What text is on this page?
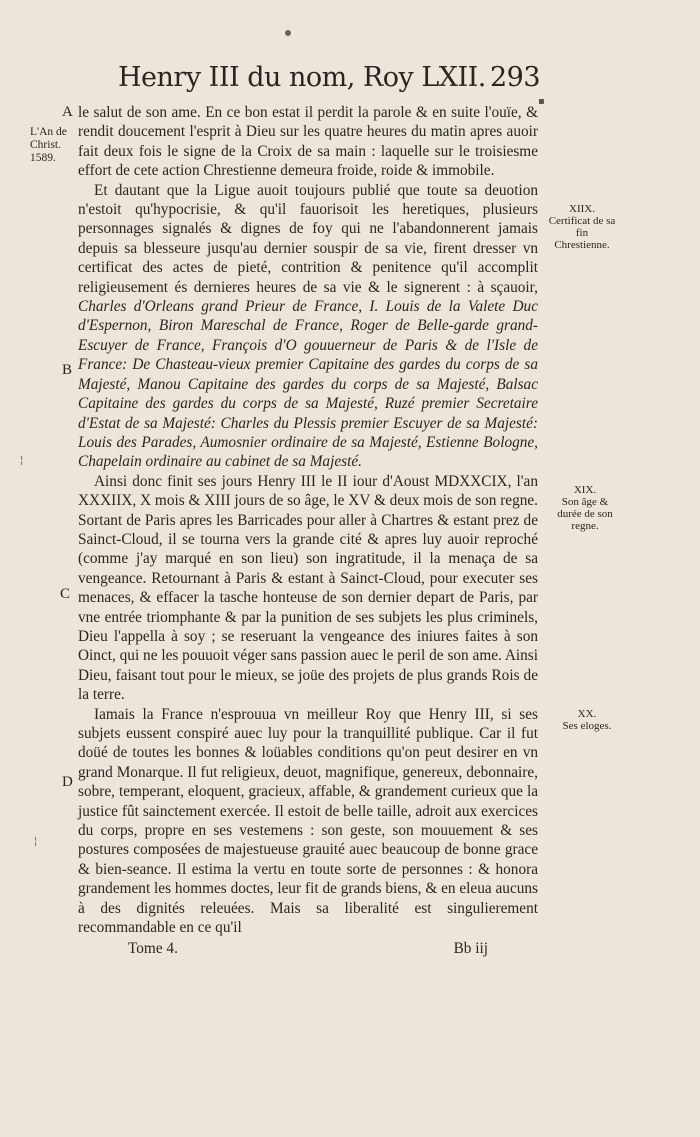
Henry III du nom, Roy LXII. 293
A
B
C
D
L'An de
Christ.
1589.
XIIX.
Certificat de sa fin Chrestienne.
XIX.
Son âge & durée de son regne.
XX.
Ses eloges.

le salut de son ame. En ce bon estat il perdit la parole & en suite l'ouïe, & rendit doucement l'esprit à Dieu sur les quatre heures du matin apres auoir fait deux fois le signe de la Croix de sa main : laquelle sur le troisiesme effort de cete action Chrestienne demeura froide, roide & immobile.

Et dautant que la Ligue auoit toujours publié que toute sa deuotion n'estoit qu'hypocrisie, & qu'il fauorisoit les heretiques, plusieurs personnages signalés & dignes de foy qui ne l'abandonnerent jamais depuis sa blesseure jusqu'au dernier souspir de sa vie, firent dresser vn certificat des actes de pieté, contrition & penitence qu'il accomplit religieusement és dernieres heures de sa vie & le signerent : à sçauoir, Charles d'Orleans grand Prieur de France, I. Louis de la Valete Duc d'Espernon, Biron Mareschal de France, Roger de Belle-garde grand-Escuyer de France, François d'O gouuerneur de Paris & de l'Isle de France: De Chasteau-vieux premier Capitaine des gardes du corps de sa Majesté, Manou Capitaine des gardes du corps de sa Majesté, Balsac Capitaine des gardes du corps de sa Majesté, Ruzé premier Secretaire d'Estat de sa Majesté: Charles du Plessis premier Escuyer de sa Majesté: Louis des Parades, Aumosnier ordinaire de sa Majesté, Estienne Bologne, Chapelain ordinaire au cabinet de sa Majesté.

Ainsi donc finit ses jours Henry III le II iour d'Aoust MDXXCIX, l'an XXXIIX, X mois & XIII jours de so âge, le XV & deux mois de son regne. Sortant de Paris apres les Barricades pour aller à Chartres & estant prez de Sainct-Cloud, il se tourna vers la grande cité & apres luy auoir reproché (comme j'ay marqué en son lieu) son ingratitude, il la menaça de sa vengeance. Retournant à Paris & estant à Sainct-Cloud, pour executer ses menaces, & effacer la tasche honteuse de son dernier depart de Paris, par vne entrée triomphante & par la punition de ses subjets les plus criminels, Dieu l'appella à soy ; se reseruant la vengeance des iniures faites à son Oinct, qui ne les pouuoit véger sans passion auec le peril de son ame. Ainsi Dieu, faisant tout pour le mieux, se joüe des projets de plus grands Rois de la terre.

Iamais la France n'esprouua vn meilleur Roy que Henry III, si ses subjets eussent conspiré auec luy pour la tranquillité publique. Car il fut doüé de toutes les bonnes & loüables conditions qu'on peut desirer en vn grand Monarque. Il fut religieux, deuot, magnifique, genereux, debonnaire, sobre, temperant, eloquent, gracieux, affable, & grandement curieux que la justice fût sainctement exercée. Il estoit de belle taille, adroit aux exercices du corps, propre en ses vestemens : son geste, son mouuement & ses postures composées de majestueuse grauité auec beaucoup de bonne grace & bien-seance. Il estima la vertu en toute sorte de personnes : & honora grandement les hommes doctes, leur fit de grands biens, & en eleua aucuns à des dignités releuées. Mais sa liberalité est singulierement recommandable en ce qu'il

Tome 4.	Bb iij
▪
¦
¦
